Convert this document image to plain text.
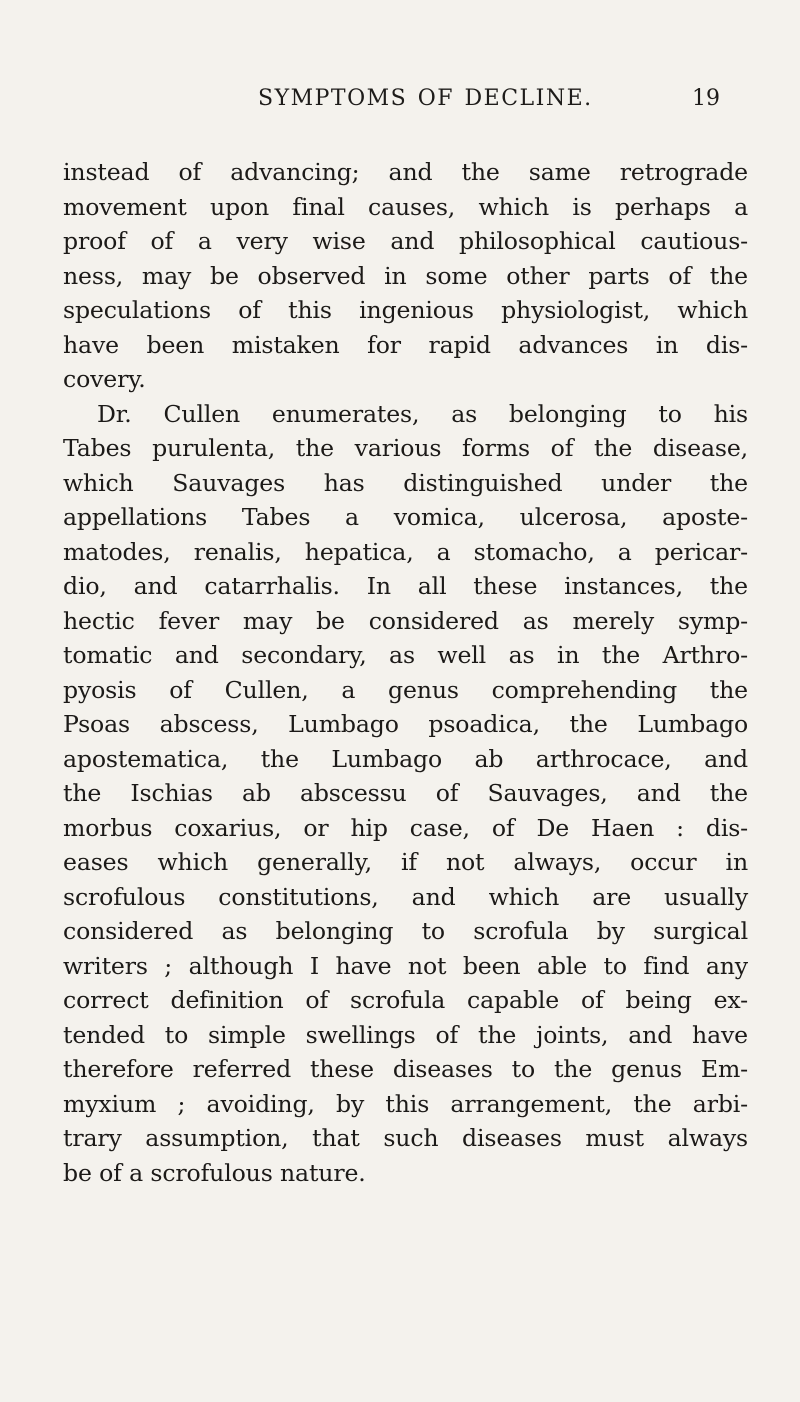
SYMPTOMS OF DECLINE.	19
instead of advancing; and the same retrograde
movement upon final causes, which is perhaps a
proof of a very wise and philosophical cautious-
ness, may be observed in some other parts of the
speculations of this ingenious physiologist, which
have been mistaken for rapid advances in dis-
covery.
Dr. Cullen enumerates, as belonging to his
Tabes purulenta, the various forms of the disease,
which Sauvages has distinguished under the
appellations Tabes a vomica, ulcerosa, aposte-
matodes, renalis, hepatica, a stomacho, a pericar-
dio, and catarrhalis. In all these instances, the
hectic fever may be considered as merely symp-
tomatic and secondary, as well as in the Arthro-
pyosis of Cullen, a genus comprehending the
Psoas abscess, Lumbago psoadica, the Lumbago
apostematica, the Lumbago ab arthrocace, and
the Ischias ab abscessu of Sauvages, and the
morbus coxarius, or hip case, of De Haen : dis-
eases which generally, if not always, occur in
scrofulous constitutions, and which are usually
considered as belonging to scrofula by surgical
writers ; although I have not been able to find any
correct definition of scrofula capable of being ex-
tended to simple swellings of the joints, and have
therefore referred these diseases to the genus Em-
myxium ; avoiding, by this arrangement, the arbi-
trary assumption, that such diseases must always
be of a scrofulous nature.
